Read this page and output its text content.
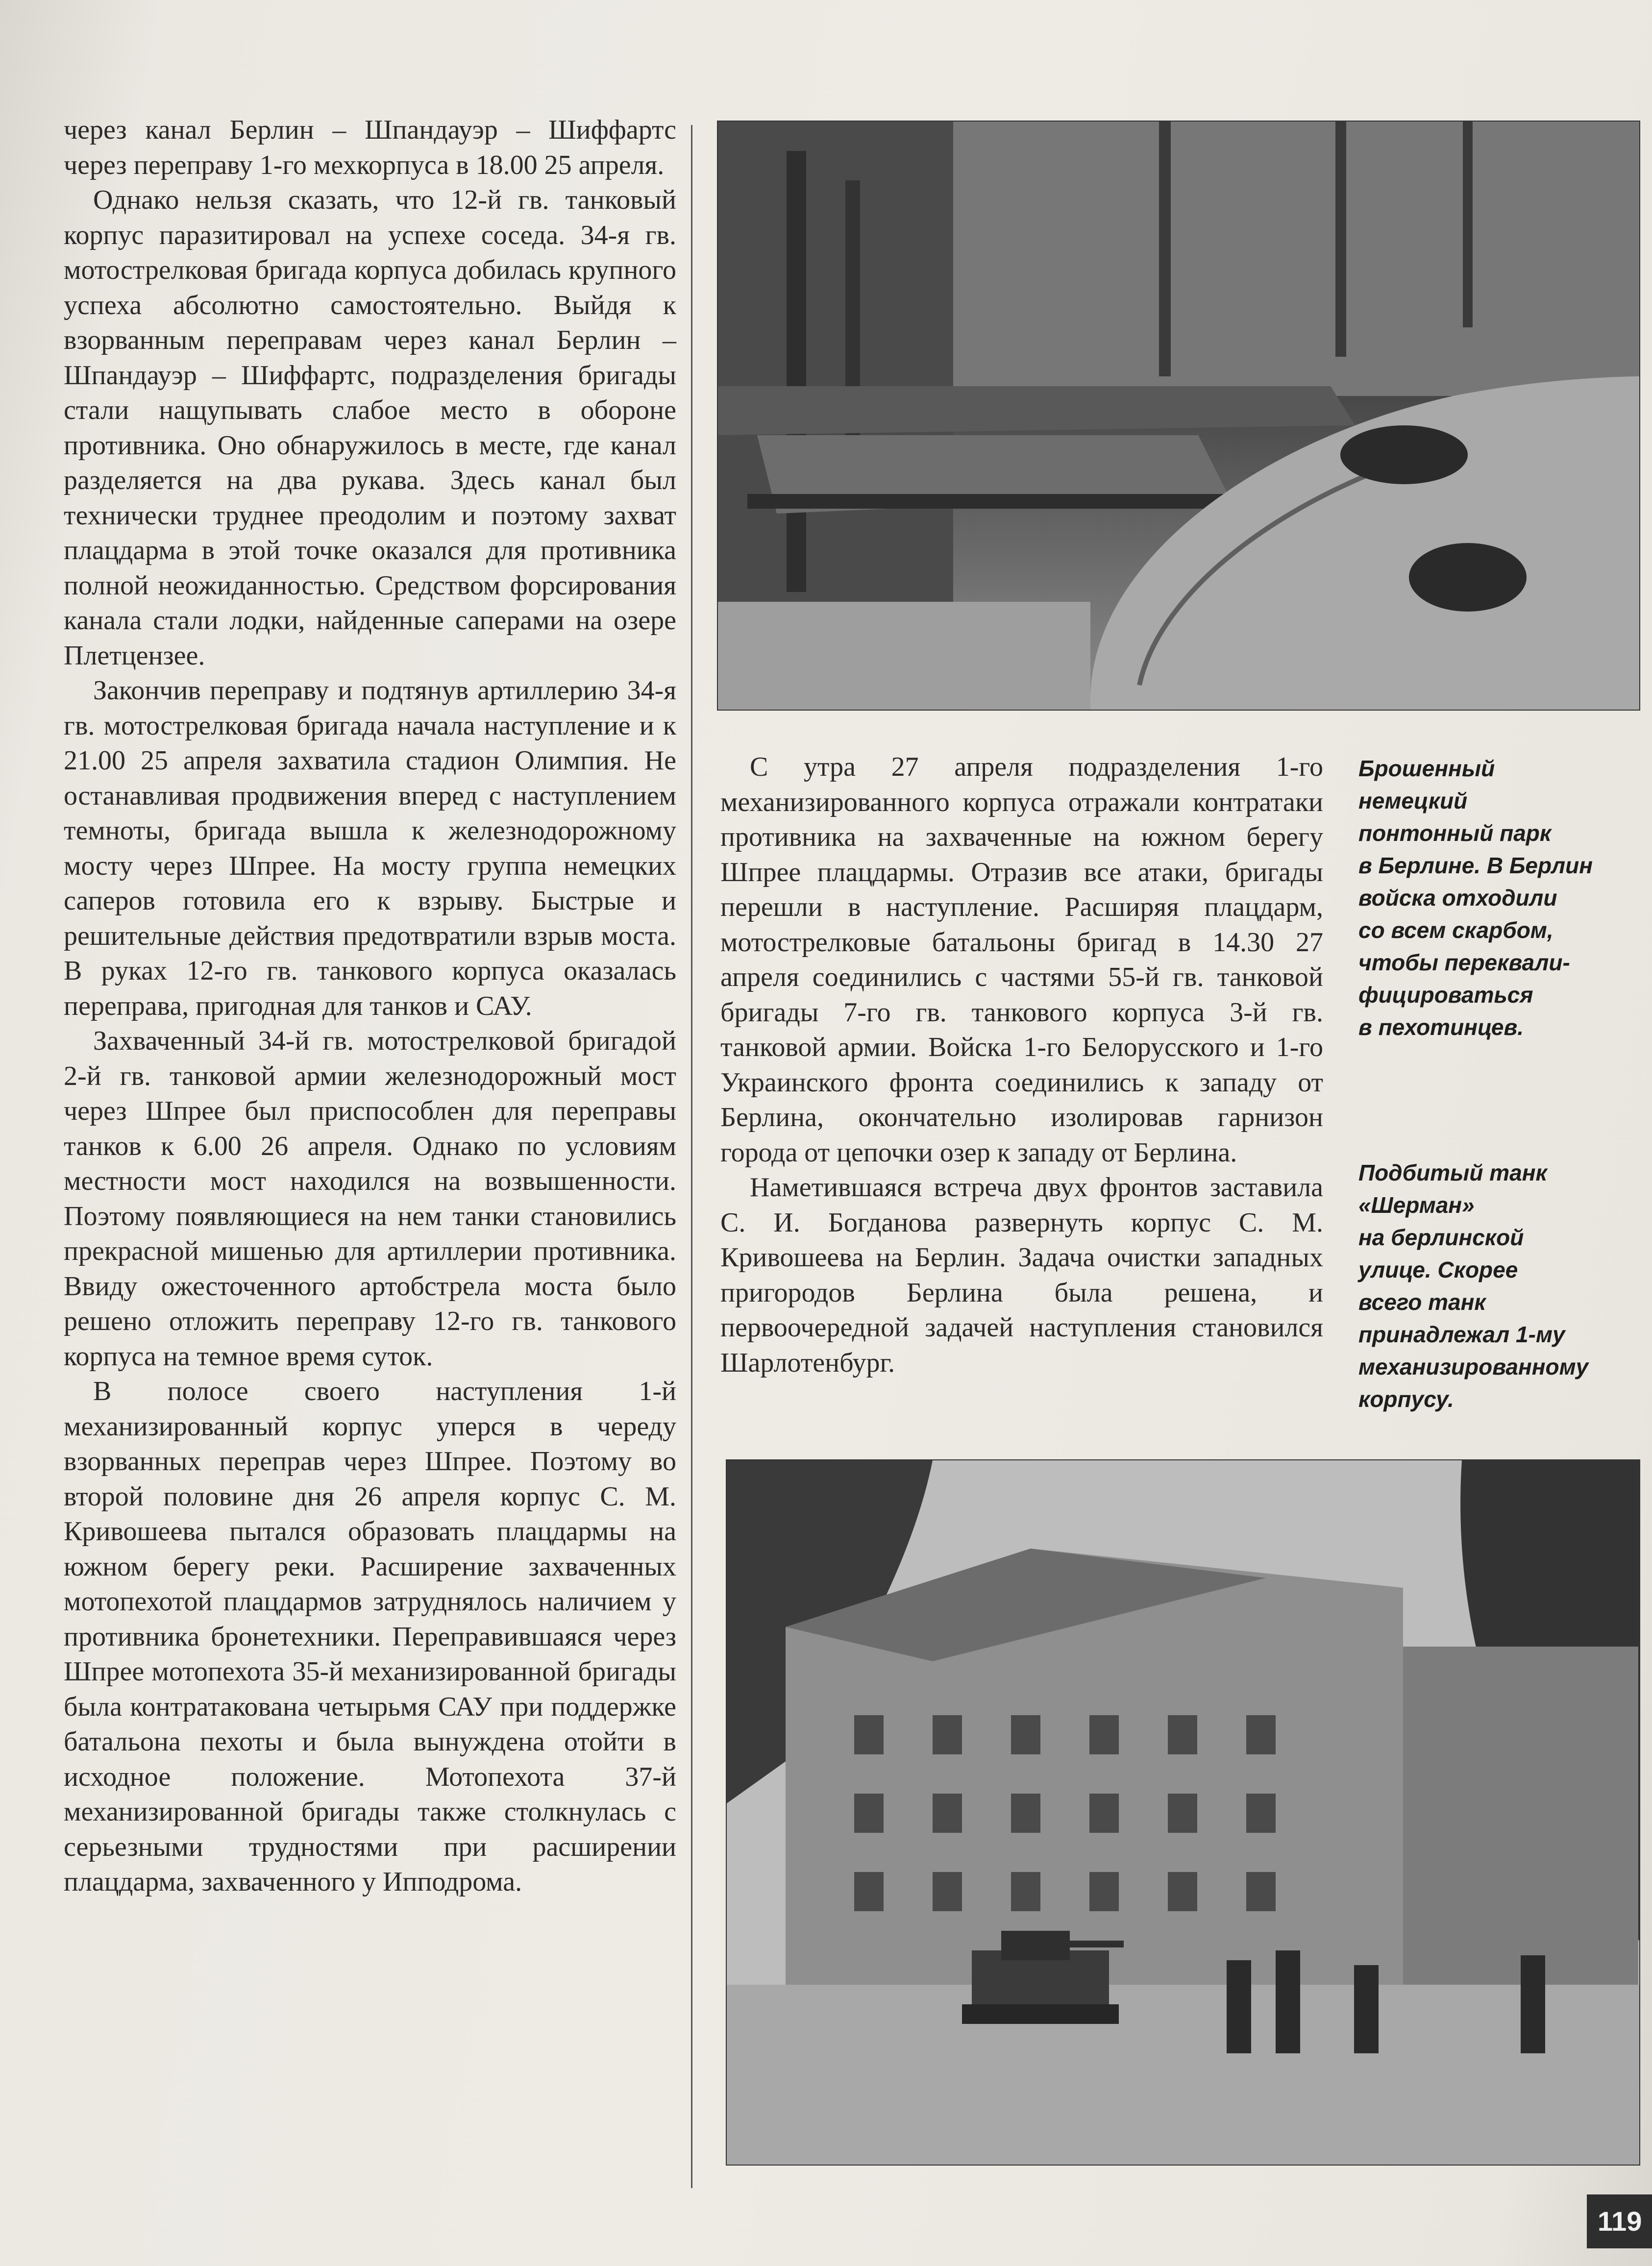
через канал Берлин – Шпандауэр – Шиффартс через переправу 1-го мехкорпуса в 18.00 25 апреля.

Однако нельзя сказать, что 12-й гв. танковый корпус паразитировал на успехе соседа. 34-я гв. мотострелковая бригада корпуса добилась крупного успеха абсолютно самостоятельно. Выйдя к взорванным переправам через канал Берлин – Шпандауэр – Шиффартс, подразделения бригады стали нащупывать слабое место в обороне противника. Оно обнаружилось в месте, где канал разделяется на два рукава. Здесь канал был технически труднее преодолим и поэтому захват плацдарма в этой точке оказался для противника полной неожиданностью. Средством форсирования канала стали лодки, найденные саперами на озере Плетцензее.

Закончив переправу и подтянув артиллерию 34-я гв. мотострелковая бригада начала наступление и к 21.00 25 апреля захватила стадион Олимпия. Не останавливая продвижения вперед с наступлением темноты, бригада вышла к железнодорожному мосту через Шпрее. На мосту группа немецких саперов готовила его к взрыву. Быстрые и решительные действия предотвратили взрыв моста. В руках 12-го гв. танкового корпуса оказалась переправа, пригодная для танков и САУ.

Захваченный 34-й гв. мотострелковой бригадой 2-й гв. танковой армии железнодорожный мост через Шпрее был приспособлен для переправы танков к 6.00 26 апреля. Однако по условиям местности мост находился на возвышенности. Поэтому появляющиеся на нем танки становились прекрасной мишенью для артиллерии противника. Ввиду ожесточенного артобстрела моста было решено отложить переправу 12-го гв. танкового корпуса на темное время суток.

В полосе своего наступления 1-й механизированный корпус уперся в череду взорванных переправ через Шпрее. Поэтому во второй половине дня 26 апреля корпус С. М. Кривошеева пытался образовать плацдармы на южном берегу реки. Расширение захваченных мотопехотой плацдармов затруднялось наличием у противника бронетехники. Переправившаяся через Шпрее мотопехота 35-й механизированной бригады была контратакована четырьмя САУ при поддержке батальона пехоты и была вынуждена отойти в исходное положение. Мотопехота 37-й механизированной бригады также столкнулась с серьезными трудностями при расширении плацдарма, захваченного у Ипподрома.

С утра 27 апреля подразделения 1-го механизированного корпуса отражали контратаки противника на захваченные на южном берегу Шпрее плацдармы. Отразив все атаки, бригады перешли в наступление. Расширяя плацдарм, мотострелковые батальоны бригад в 14.30 27 апреля соединились с частями 55-й гв. танковой бригады 7-го гв. танкового корпуса 3-й гв. танковой армии. Войска 1-го Белорусского и 1-го Украинского фронта соединились к западу от Берлина, окончательно изолировав гарнизон города от цепочки озер к западу от Берлина.

Наметившаяся встреча двух фронтов заставила С. И. Богданова развернуть корпус С. М. Кривошеева на Берлин. Задача очистки западных пригородов Берлина была решена, и первоочередной задачей наступления становился Шарлотенбург.

Брошенный
немецкий
понтонный парк
в Берлине. В Берлин
войска отходили
со всем скарбом,
чтобы переквали-
фицироваться
в пехотинцев.
Подбитый танк
«Шерман»
на берлинской
улице. Скорее
всего танк
принадлежал 1-му
механизированному
корпусу.
119
